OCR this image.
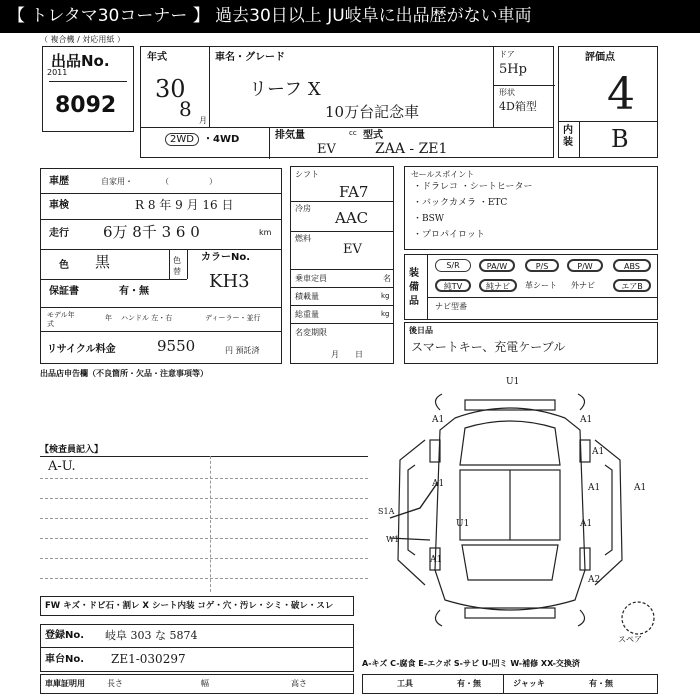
【 トレタマ30コーナー 】 過去30日以上 JU岐阜に出品歴がない車両
（ 複合機 / 対応用紙 ）
出品No.
2011
8092
年式
30
8 月
車名・グレード
リーフ X
10万台記念車
ドア
5Hp
形状
4D箱型
2WD ・4WD	排気量	cc
EV
型式
ZAA - ZE1
評価点
4
内装 B
車歴	自家用・	（　　　　　）
車検	R 8 年 9 月 16 日
走行 6万 8千 3 6 0	km
色 黒	色替
カラーNo.
KH3
保証書	有・無
モデル年式
年 ハンドル 左・右	ディーラー・並行
リサイクル料金	9550	円 預託済
シフト
FA7
冷房
AAC
燃料
EV
乗車定員	名
積載量	kg
総重量	kg
名変期限
月　　日
セールスポイント
・ドラレコ ・シートヒーター
・バックカメラ ・ETC
・BSW
・プロパイロット
装備品
S/R	PA/W	P/S	P/W	ABS
純TV	純ナビ	革シート 外ナビ	エアB
ナビ型番
後日品
スマートキー、充電ケーブル
出品店申告欄（不良箇所・欠品・注意事項等）
【検査員記入】
A-U.
U1
A1	A1
A1
A1	A1
A2
A1
A1
A1
U1
S1A
W1
スペア
FW キズ・ドビ石・割レ X シート内装 コゲ・穴・汚レ・シミ・破レ・スレ
登録No. 岐阜 303 な 5874
車台No. ZE1-030297
車庫証明用	長さ	幅	高さ
A-キズ C-腐食 E-エクボ S-サビ U-凹ミ W-補修 XX-交換済
工具	有・無	ジャッキ	有・無
